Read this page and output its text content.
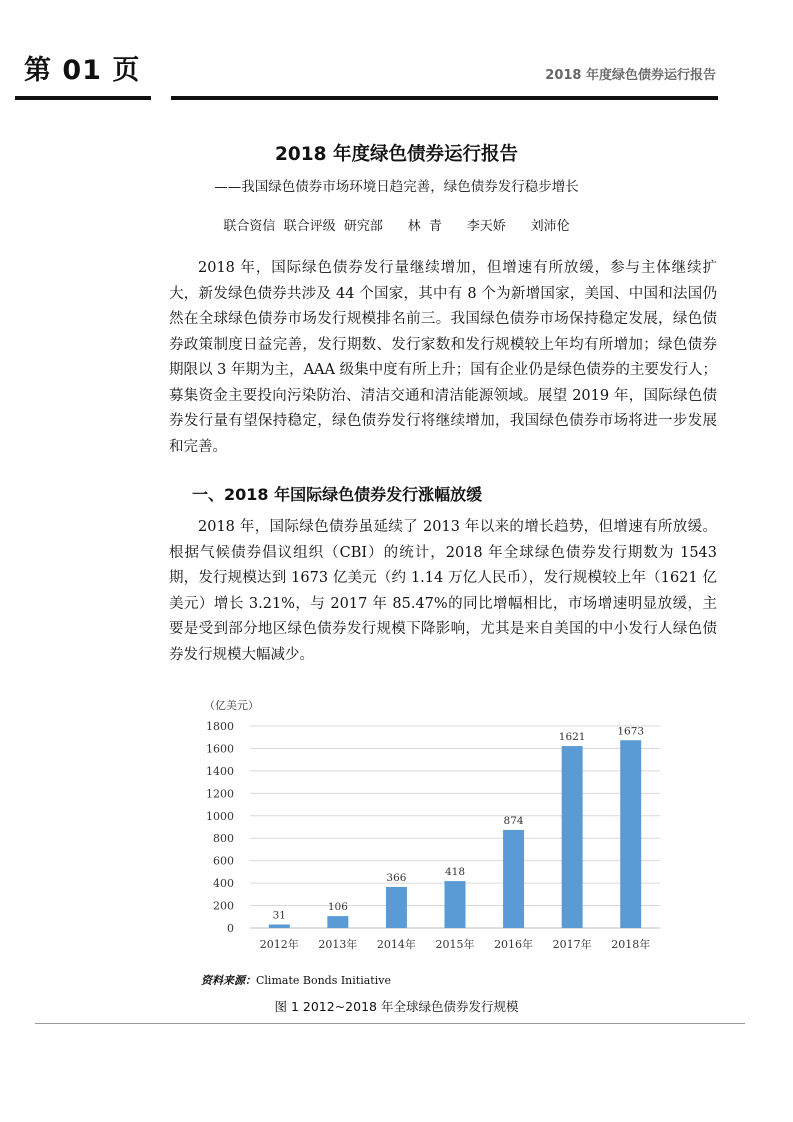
第 01 页	2018 年度绿色债券运行报告
2018 年度绿色债券运行报告
——我国绿色债券市场环境日趋完善，绿色债券发行稳步增长
联合资信  联合评级  研究部      林  青      李天娇      刘沛伦

2018 年，国际绿色债券发行量继续增加，但增速有所放缓，参与主体继续扩大，新发绿色债券共涉及 44 个国家，其中有 8 个为新增国家，美国、中国和法国仍然在全球绿色债券市场发行规模排名前三。我国绿色债券市场保持稳定发展，绿色债券政策制度日益完善，发行期数、发行家数和发行规模较上年均有所增加；绿色债券期限以 3 年期为主，AAA 级集中度有所上升；国有企业仍是绿色债券的主要发行人；募集资金主要投向污染防治、清洁交通和清洁能源领域。展望 2019 年，国际绿色债券发行量有望保持稳定，绿色债券发行将继续增加，我国绿色债券市场将进一步发展和完善。

一、2018 年国际绿色债券发行涨幅放缓

2018 年，国际绿色债券虽延续了 2013 年以来的增长趋势，但增速有所放缓。根据气候债券倡议组织（CBI）的统计，2018 年全球绿色债券发行期数为 1543 期，发行规模达到 1673 亿美元（约 1.14 万亿人民币），发行规模较上年（1621 亿美元）增长 3.21%，与 2017 年 85.47%的同比增幅相比，市场增速明显放缓，主要是受到部分地区绿色债券发行规模下降影响，尤其是来自美国的中小发行人绿色债券发行规模大幅减少。

（亿美元）
0
200
400
600
800
1000
1200
1400
1600
1800
31
2012年
106
2013年
366
2014年
418
2015年
874
2016年
1621
2017年
1673
2018年
资料来源：Climate Bonds Initiative
图 1 2012~2018 年全球绿色债券发行规模
